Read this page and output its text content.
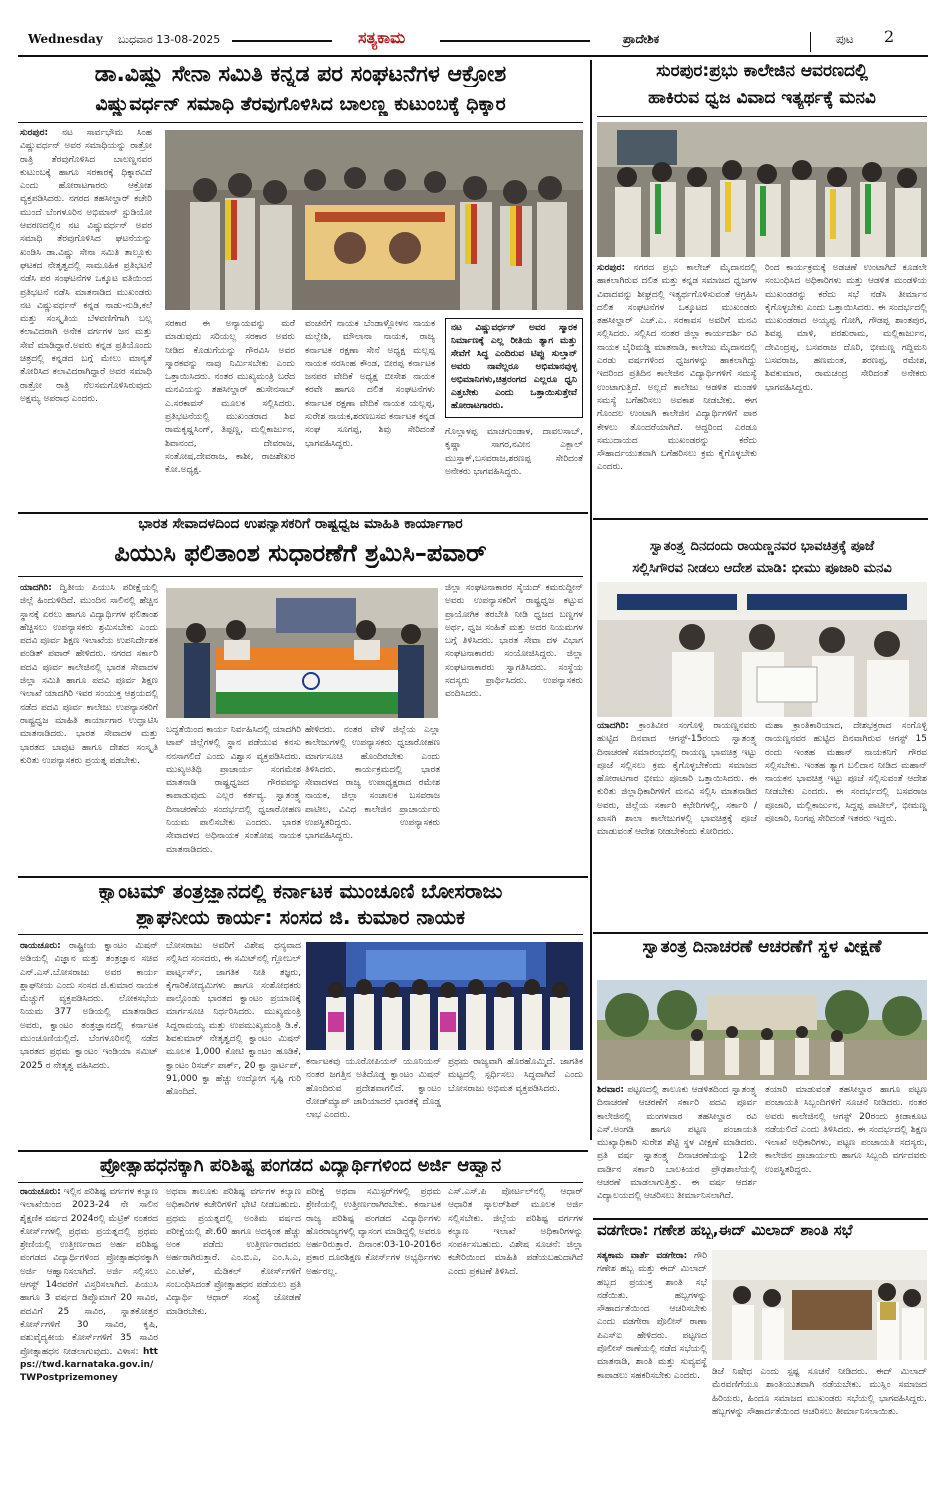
Wednesday ಬುಧವಾರ 13-08-2025	ಸತ್ಯಕಾಮ	ಪ್ರಾದೇಶಿಕ	ಪುಟ 2
ಡಾ.ವಿಷ್ಣು ಸೇನಾ ಸಮಿತಿ ಕನ್ನಡ ಪರ ಸಂಘಟನೆಗಳ ಆಕ್ರೋಶ
ವಿಷ್ಣುವರ್ಧನ್ ಸಮಾಧಿ ತೆರವುಗೊಳಿಸಿದ ಬಾಲಣ್ಣ ಕುಟುಂಬಕ್ಕೆ ಧಿಕ್ಕಾರ
ಸುರಪುರ: ನಟ ಸಾರ್ವಭೌಮ ಸಿಂಹ ವಿಷ್ಣುವರ್ಧನ್ ಅವರ ಸಮಾಧಿಯನ್ನು ರಾತ್ರೋ ರಾತ್ರಿ ತೆರವುಗೊಳಿಸಿದ ಬಾಲಣ್ಣನವರ ಕುಟುಂಬಕ್ಕೆ ಹಾಗೂ ಸರಕಾರಕ್ಕೆ ಧಿಕ್ಕಾರವಿದೆ ಎಂದು ಹೋರಾಟಗಾರರು ಆಕ್ರೋಶ ವ್ಯಕ್ತಪಡಿಸಿದರು. ನಗರದ ತಹಸೀಲ್ದಾರ್ ಕಚೇರಿ ಮುಂದೆ ಬೆಂಗಳೂರಿನ ಅಭಿಮಾನ್ ಸ್ಟುಡಿಯೋ ಆವರಣದಲ್ಲಿನ ನಟ ವಿಷ್ಣುವರ್ಧನ್ ಅವರ ಸಮಾಧಿ ತೆರವುಗೊಳಿಸಿದ ಘಟನೆಯನ್ನು ಖಂಡಿಸಿ ಡಾ.ವಿಷ್ಣು ಸೇನಾ ಸಮಿತಿ ತಾಲ್ಲೂಕು ಘಟಕದ ನೇತೃತ್ವದಲ್ಲಿ ಸಾಮೂಹಿಕ ಪ್ರತಿಭಟನೆ ನಡೆಸಿ ಪರ ಸಂಘಟನೆಗಳ ಒಕ್ಕೂಟ ವತಿಯಿಂದ ಪ್ರತಿಭಟನೆ ನಡೆಸಿ ಮಾತನಾಡಿದ ಮುಖಂಡರು ನಟ ವಿಷ್ಣುವರ್ಧನ್ ಕನ್ನಡ ನಾಡು-ನುಡಿ,ಕಲೆ ಮತ್ತು ಸಂಸ್ಕೃತಿಯ ಬೆಳವಣಿಗೆಗಾಗಿ ಬಲ್ಲ ಕಲಾವಿದರಾಗಿ ಅನೇಕ ವರ್ಗಗಳ ಜನ ಮತ್ತು ಸೇವೆ ಮಾಡಿದ್ದಾರೆ.ಅವರು ಕನ್ನಡ ಪ್ರತಿಯೊಂದು ಚಿತ್ರದಲ್ಲಿ ಕನ್ನಡದ ಬಗ್ಗೆ ಮೇಲು ಮಾನ್ಯತೆ ತೋರಿಸಿದ ಕಲಾವಿದರಾಗಿದ್ದಾರೆ ಅವರ ಸಮಾಧಿ ರಾತ್ರೋ ರಾತ್ರಿ ನೆಲಸಮಗೊಳಿಸಿರುವುದು ಅಕ್ಷಮ್ಯ ಅಪರಾಧ ಎಂದರು.
ಸರಕಾರ ಈ ಅನ್ಯಾಯವನ್ನು ಮರೆ ಮಾಡುವುದು ಸರಿಯಲ್ಲ ಸರಕಾರ ಅವರು ನೀಡಿದ ಕೊಡುಗೆಯನ್ನು ಗೌರವಿಸಿ ಅವರ ಸ್ಮಾರಕವನ್ನು ನಾವು ನಿರ್ಮಿಸಬೇಕು ಎಂದು ಒತ್ತಾಯಿಸಿದರು. ನಂತರ ಮುಖ್ಯಮಂತ್ರಿ ಬರೆದ ಮನವಿಯನ್ನು ತಹಸೀಲ್ದಾರ್ ಹುಸೇನಸಾಬ್ ಎ.ಸರಕಾವಸ್ ಮೂಲಕ ಸಲ್ಲಿಸಿದರು. ಪ್ರತಿಭಟನೆಯಲ್ಲಿ ಮುಖಂಡರಾದ ಶಿವ ರಾಮಕೃಷ್ಣಸಿಂಗ್, ತಿಪ್ಪಣ್ಣ, ಮಲ್ಲಿಕಾರ್ಜುನ, ಶಿವಾನಂದ, ದೇವರಾಜ, ಸಂತೋಷ,ದೇವರಾಜ, ಕಾಶೀ, ರಾಜಶೇಖರ ಕೋ.ಅಧ್ಯಕ್ಷ.
ವಂಚನೆಗೆ ನಾಯಕ ಬೆಂಡಾಳ್ಲೋಳನ ನಾಯಕ ಮಲ್ಲೇಶಿ, ಮೌಲಾನಾ ನಾಯಕ, ರಾಜ್ಯ ಕರ್ನಾಟಕ ರಕ್ಷಣಾ ಸೇನೆ ಅಧ್ಯಕ್ಷ ಮಲ್ಲಪ್ಪ ನಾಯಕ ನರಸಿಂಹ ಕೌಂಡ, ಬೀರಪ್ಪ ಕರ್ನಾಟಕ ಜನಪರ ವೇದಿಕೆ ಅಧ್ಯಕ್ಷ ಬೀಸೇಶ ನಾಯಕ ಕರವೇ ಹಾಗೂ ದಲಿತ ಸಂಘಟನೆಗಳು ಕರ್ನಾಟಕ ರಕ್ಷಣಾ ವೇದಿಕೆ ನಾಯಕ ಯಲ್ಲಪ್ಪ, ಸುರೇಶ ನಾಯಕ,ಶರಣಬಸವ ಕರ್ನಾಟಕ ಕನ್ನಡ ಸಂಘ ಸೂಗಪ್ಪ, ಶಿವು ಸೇರಿದಂತೆ ಭಾಗವಹಿಸಿದ್ದರು.
ನಟ ವಿಷ್ಣುವರ್ಧನ್ ಅವರ ಸ್ಮಾರಕ ನಿರ್ಮಾಣಕ್ಕೆ ಎಲ್ಲ ರೀತಿಯ ತ್ಯಾಗ ಮತ್ತು ಸೇವೆಗೆ ಸಿದ್ಧ ಎಂದಿರುವ ಟಿಪ್ಪು ಸುಲ್ತಾನ್ ಅವರು ನಾವೆಲ್ಲರೂ ಅಭಿಮಾನವುಳ್ಳ ಅಭಿಮಾನಿಗಳು,ಚಿತ್ರರಂಗದ ಎಲ್ಲರೂ ಧ್ವನಿ ಎತ್ತಬೇಕು ಎಂದು ಒತ್ತಾಯಿಸುತ್ತೇವೆ ಹೋರಾಟಗಾರರು.
ಗೊಲ್ಲಾಳಪ್ಪ ಮಾಚಗುಂಡಾಳ, ದಾವಲಸಾಬ್, ಕೃಷ್ಣಾ ಸಾಗರ,ನವೀನ ಎಕ್ಬಾಲ್ ಮುಸ್ತಾಕ್,ಬಸವರಾಜ,ಶರಣಪ್ಪ ಸೇರಿದಂತೆ ಅನೇಕರು ಭಾಗವಹಿಸಿದ್ದರು.
ಸುರಪುರ:ಪ್ರಭು ಕಾಲೇಜಿನ ಆವರಣದಲ್ಲಿ
ಹಾಕಿರುವ ಧ್ವಜ ವಿವಾದ ಇತ್ಯರ್ಥಕ್ಕೆ ಮನವಿ
ಸುರಪುರ: ನಗರದ ಪ್ರಭು ಕಾಲೇಜ್ ಮೈದಾನದಲ್ಲಿ ಹಾಕಲಾಗಿರುವ ದಲಿತ ಮತ್ತು ಕನ್ನಡ ಸಮಾಜದ ಧ್ವಜಗಳ ವಿವಾದವನ್ನು ಶೀಘ್ರದಲ್ಲಿ ಇತ್ಯರ್ಥಗೊಳಿಸುವಂತೆ ಆಗ್ರಹಿಸಿ ದಲಿತ ಸಂಘಟನೆಗಳ ಒಕ್ಕೂಟದ ಮುಖಂಡರು ತಹಸೀಲ್ದಾರ್ ಎಚ್.ಎ. ಸರಕಾವಸ ಅವರಿಗೆ ಮನವಿ ಸಲ್ಲಿಸಿದರು. ಸಲ್ಲಿಸಿದ ನಂತರ ಜಿಲ್ಲಾ ಕಾರ್ಯದರ್ಶಿ ರವಿ ನಾಯಕ ಬೈರಿಮಡ್ಡಿ ಮಾತನಾಡಿ, ಕಾಲೇಜು ಮೈದಾನದಲ್ಲಿ ಎರಡು ವರ್ಷಗಳಿಂದ ಧ್ವಜಗಳನ್ನು ಹಾಕಲಾಗಿದ್ದು ಇದರಿಂದ ಪ್ರತಿದಿನ ಕಾಲೇಜಿನ ವಿದ್ಯಾರ್ಥಿಗಳಿಗೆ ಸಮಸ್ಯೆ ಉಂಟಾಗುತ್ತಿದೆ. ಅಲ್ಲದೆ ಕಾಲೇಜು ಆಡಳಿತ ಮಂಡಳಿ ಸಮಸ್ಯೆ ಬಗೆಹರಿಸಲು ಅವಕಾಶ ನೀಡಬೇಕು. ಈಗ ಗೊಂದಲ ಉಂಟಾಗಿ ಕಾಲೇಜಿನ ವಿದ್ಯಾರ್ಥಿಗಳಿಗೆ ಪಾಠ ಕೇಳಲು ತೊಂದರೆಯಾಗಿದೆ. ಆದ್ದರಿಂದ ಎರಡೂ ಸಮುದಾಯದ ಮುಖಂಡರನ್ನು ಕರೆದು ಸೌಹಾರ್ದಯುತವಾಗಿ ಬಗೆಹರಿಸಲು ಕ್ರಮ ಕೈಗೊಳ್ಳಬೇಕು ಎಂದರು.
ರಿಂದ ಕಾರ್ಯಕ್ರಮಕ್ಕೆ ಅಡಚಣೆ ಉಂಟಾಗಿದೆ ಕೂಡಲೇ ಸಂಬಂಧಿಸಿದ ಅಧಿಕಾರಿಗಳು ಮತ್ತು ಆಡಳಿತ ಮಂಡಳಿಯ ಮುಖಂಡರನ್ನು ಕರೆದು ಸಭೆ ನಡೆಸಿ ತೀರ್ಮಾನ ಕೈಗೊಳ್ಳಬೇಕು ಎಂದು ಒತ್ತಾಯಿಸಿದರು. ಈ ಸಂದರ್ಭದಲ್ಲಿ ಮುಖಂಡರಾದ ಅಯ್ಯಪ್ಪ ಗೋಗಿ, ಗೌಡಪ್ಪ ಶಾಂತಪುರ, ಶಿವಪ್ಪ ಮಾಳಿ, ಪರಶುರಾಮ, ಮಲ್ಲಿಕಾರ್ಜುನ, ದೇವಿಂದ್ರಪ್ಪ, ಬಸವರಾಜ ದೊರಿ, ಭೀಮಣ್ಣ ಗದ್ದಿಮನಿ ಬಸವರಾಜ, ಹಣಮಂತ, ಶರಣಪ್ಪ, ರಮೇಶ, ಶಿವಕುಮಾರ, ರಾಮಚಂದ್ರ ಸೇರಿದಂತೆ ಅನೇಕರು ಭಾಗವಹಿಸಿದ್ದರು.
ಭಾರತ ಸೇವಾದಳದಿಂದ ಉಪನ್ಯಾಸಕರಿಗೆ ರಾಷ್ಟ್ರಧ್ವಜ ಮಾಹಿತಿ ಕಾರ್ಯಾಗಾರ
ಪಿಯುಸಿ ಫಲಿತಾಂಶ ಸುಧಾರಣೆಗೆ ಶ್ರಮಿಸಿ–ಪವಾರ್
ಯಾದಗಿರಿ: ದ್ವಿತೀಯ ಪಿಯುಸಿ ಪರೀಕ್ಷೆಯಲ್ಲಿ ಜಿಲ್ಲೆ ಹಿಂದುಳಿದಿದೆ. ಮುಂದಿನ ಸಾಲಿನಲ್ಲಿ ಹೆಚ್ಚಿನ ಸ್ಥಾನಕ್ಕೆ ಏರಲು ಹಾಗೂ ವಿದ್ಯಾರ್ಥಿಗಳ ಫಲಿತಾಂಶ ಹೆಚ್ಚಿಸಲು ಉಪನ್ಯಾಸಕರು ಶ್ರಮಿಸಬೇಕು ಎಂದು ಪದವಿ ಪೂರ್ವ ಶಿಕ್ಷಣ ಇಲಾಖೆಯ ಉಪನಿರ್ದೇಶಕ ಪಂಡಿತ್ ಪವಾರ್ ಹೇಳಿದರು. ನಗರದ ಸರ್ಕಾರಿ ಪದವಿ ಪೂರ್ವ ಕಾಲೇಜಿನಲ್ಲಿ ಭಾರತ ಸೇವಾದಳ ಜಿಲ್ಲಾ ಸಮಿತಿ ಹಾಗೂ ಪದವಿ ಪೂರ್ವ ಶಿಕ್ಷಣ ಇಲಾಖೆ ಯಾದಗಿರಿ ಇವರ ಸಂಯುಕ್ತ ಆಶ್ರಯದಲ್ಲಿ ನಡೆದ ಪದವಿ ಪೂರ್ವ ಕಾಲೇಜು ಉಪನ್ಯಾಸಕರಿಗೆ ರಾಷ್ಟ್ರಧ್ವಜ ಮಾಹಿತಿ ಕಾರ್ಯಾಗಾರ ಉದ್ಘಾಟಿಸಿ ಮಾತನಾಡಿದರು. ಭಾರತ ಸೇವಾದಳ ಮತ್ತು ಭಾರತದ ಬಾವುಟ ಹಾಗೂ ದೇಶದ ಸಂಸ್ಕೃತಿ ಕುರಿತು ಉಪನ್ಯಾಸಕರು ಪ್ರಯತ್ನ ಪಡಬೇಕು.
ಜಿಲ್ಲಾ ಸಂಘಟನಾಕಾರರ ಸೈಯದ್ ಕಮರುದ್ದೀನ್ ಅವರು ಉಪನ್ಯಾಸಕರಿಗೆ ರಾಷ್ಟ್ರಧ್ವಜ ಕಟ್ಟುವ ಪ್ರಾಯೋಗಿಕ ತರಬೇತಿ ನೀಡಿ ಧ್ವಜದ ಬಣ್ಣಗಳ ಅರ್ಥ, ಧ್ವಜ ಸಂಹಿತೆ ಮತ್ತು ಅದರ ನಿಯಮಗಳ ಬಗ್ಗೆ ತಿಳಿಸಿದರು. ಭಾರತ ಸೇವಾ ದಳ ವಿಭಾಗ ಸಂಘಟನಾಕಾರರು ಸಂಯೋಜಿಸಿದ್ದರು. ಜಿಲ್ಲಾ ಸಂಘಟನಾಕಾರರು ಸ್ವಾಗತಿಸಿದರು. ಸಂಸ್ಥೆಯ ಸದಸ್ಯರು ಪ್ರಾರ್ಥಿಸಿದರು. ಉಪನ್ಯಾಸಕರು ವಂದಿಸಿದರು.
ಬದ್ಧತೆಯಿಂದ ಕಾರ್ಯ ನಿರ್ವಹಿಸಿದಲ್ಲಿ ಯಾದಗಿರಿ ಟಾಪ್ ಜಿಲ್ಲೆಗಳಲ್ಲಿ ಸ್ಥಾನ ಪಡೆಯುವ ಕನಸು ನನಸಾಗಲಿದೆ ಎಂದು ವಿಶ್ವಾಸ ವ್ಯಕ್ತಪಡಿಸಿದರು. ಮುಖ್ಯಅತಿಥಿ ಪ್ರಾಚಾರ್ಯ ಸಂಗಮೇಶ ಮಾತನಾಡಿ ರಾಷ್ಟ್ರಧ್ವಜದ ಗೌರವವನ್ನು ಕಾಪಾಡುವುದು ಎಲ್ಲರ ಕರ್ತವ್ಯ. ಸ್ವಾತಂತ್ರ್ಯ ದಿನಾಚರಣೆಯ ಸಂದರ್ಭದಲ್ಲಿ ಧ್ವಜಾರೋಹಣ ನಿಯಮ ಪಾಲಿಸಬೇಕು ಎಂದರು. ಭಾರತ ಸೇವಾದಳದ ಅಧಿನಾಯಕ ಸಂತೋಷ ನಾಯಕ ಮಾತನಾಡಿದರು.
ಹೇಳಿದರು. ನಂತರ ವೇಳೆ ಜಿಲ್ಲೆಯ ಎಲ್ಲಾ ಕಾಲೇಜುಗಳಲ್ಲಿ ಉಪನ್ಯಾಸಕರು ಧ್ವಜಾರೋಹಣ ಮಾರ್ಗಸೂಚಿ ಹೊಂದಿರಬೇಕು ಎಂದು ತಿಳಿಸಿದರು. ಕಾರ್ಯಕ್ರಮದಲ್ಲಿ ಭಾರತ ಸೇವಾದಳದ ರಾಜ್ಯ ಉಪಾಧ್ಯಕ್ಷರಾದ ರಮೇಶ ನಾಯಕ, ಜಿಲ್ಲಾ ಸಂಚಾಲಕ ಬಸವರಾಜ ಪಾಟೀಲ, ವಿವಿಧ ಕಾಲೇಜಿನ ಪ್ರಾಚಾರ್ಯರು ಉಪಸ್ಥಿತರಿದ್ದರು. ಉಪನ್ಯಾಸಕರು ಭಾಗವಹಿಸಿದ್ದರು.
ಸ್ವಾತಂತ್ರ್ಯ ದಿನದಂದು ರಾಯಣ್ಣನವರ ಭಾವಚಿತ್ರಕ್ಕೆ ಪೂಜೆ
ಸಲ್ಲಿಸಿಗೌರವ ನೀಡಲು ಆದೇಶ ಮಾಡಿ: ಭೀಮು ಪೂಜಾರಿ ಮನವಿ
ಯಾದಗಿರಿ: ಕ್ರಾಂತಿವೀರ ಸಂಗೊಳ್ಳಿ ರಾಯಣ್ಣನವರು ಹುಟ್ಟಿದ ದಿನವಾದ ಆಗಸ್ಟ್-15ರಂದು ಸ್ವಾತಂತ್ರ್ಯ ದಿನಾಚರಣೆ ಸಮಾರಂಭದಲ್ಲಿ ರಾಯಣ್ಣ ಭಾವಚಿತ್ರ ಇಟ್ಟು ಪೂಜೆ ಸಲ್ಲಿಸಲು ಕ್ರಮ ಕೈಗೊಳ್ಳಬೇಕೆಂದು ಸಮಾಜದ ಹೋರಾಟಗಾರ ಭೀಮು ಪೂಜಾರಿ ಒತ್ತಾಯಿಸಿದರು. ಈ ಕುರಿತು ಜಿಲ್ಲಾಧಿಕಾರಿಗಳಿಗೆ ಮನವಿ ಸಲ್ಲಿಸಿ ಮಾತನಾಡಿದ ಅವರು, ಜಿಲ್ಲೆಯ ಸರ್ಕಾರಿ ಕಛೇರಿಗಳಲ್ಲಿ, ಸರ್ಕಾರಿ / ಖಾಸಗಿ ಶಾಲಾ ಕಾಲೇಜುಗಳಲ್ಲಿ ಭಾವಚಿತ್ರಕ್ಕೆ ಪೂಜೆ ಮಾಡುವಂತೆ ಆದೇಶ ನೀಡಬೇಕೆಂದು ಕೋರಿದರು.
ಮಹಾ ಕ್ರಾಂತಿಕಾರಿಯಾದ, ದೇಶಭಕ್ತರಾದ ಸಂಗೊಳ್ಳಿ ರಾಯಣ್ಣನವರ ಹುಟ್ಟಿದ ದಿನವಾಗಿರುವ ಆಗಸ್ಟ್ 15 ರಂದು ಇಂತಹ ಮಹಾನ್ ನಾಯಕನಿಗೆ ಗೌರವ ಸಲ್ಲಿಸಬೇಕು. ಇಂತಹ ತ್ಯಾಗ ಬಲಿದಾನ ನೀಡಿದ ಮಹಾನ್ ನಾಯಕನ ಭಾವಚಿತ್ರ ಇಟ್ಟು ಪೂಜೆ ಸಲ್ಲಿಸುವಂತೆ ಆದೇಶ ನೀಡಬೇಕು ಎಂದರು. ಈ ಸಂದರ್ಭದಲ್ಲಿ ಬಸವರಾಜ ಪೂಜಾರಿ, ಮಲ್ಲಿಕಾರ್ಜುನ, ಸಿದ್ದಪ್ಪ ಪಾಟೀಲ್, ಭೀಮಣ್ಣ ಪೂಜಾರಿ, ನಿಂಗಪ್ಪ ಸೇರಿದಂತೆ ಇತರರು ಇದ್ದರು.
ಕ್ವಾಂಟಮ್ ತಂತ್ರಜ್ಞಾನದಲ್ಲಿ ಕರ್ನಾಟಕ ಮುಂಚೂಣಿ ಬೋಸರಾಜು
ಶ್ಲಾಘನೀಯ ಕಾರ್ಯ: ಸಂಸದ ಜಿ. ಕುಮಾರ ನಾಯಕ
ರಾಯಚೂರು: ರಾಷ್ಟ್ರೀಯ ಕ್ವಾಂಟಂ ಮಿಷನ್ ಅಡಿಯಲ್ಲಿ ವಿಜ್ಞಾನ ಮತ್ತು ತಂತ್ರಜ್ಞಾನ ಸಚಿವ ಎನ್.ಎಸ್.ಬೋಸರಾಜು ಅವರ ಕಾರ್ಯ ಶ್ಲಾಘನೀಯ ಎಂದು ಸಂಸದ ಜಿ.ಕುಮಾರ ನಾಯಕ ಮೆಚ್ಚುಗೆ ವ್ಯಕ್ತಪಡಿಸಿದರು. ಲೋಕಸಭೆಯ ನಿಯಮ 377 ಅಡಿಯಲ್ಲಿ ಮಾತನಾಡಿದ ಅವರು, ಕ್ವಾಂಟಂ ತಂತ್ರಜ್ಞಾನದಲ್ಲಿ ಕರ್ನಾಟಕ ಮುಂಚೂಣಿಯಲ್ಲಿದೆ. ಬೆಂಗಳೂರಿನಲ್ಲಿ ನಡೆದ ಭಾರತದ ಪ್ರಥಮ ಕ್ವಾಂಟಂ ಇಂಡಿಯಾ ಸಮಿಟ್ 2025 ರ ನೇತೃತ್ವ ವಹಿಸಿದರು.
ಬೋಸರಾಜು ಅವರಿಗೆ ವಿಶೇಷ ಧನ್ಯವಾದ ಸಲ್ಲಿಸಿದ ಸಂಸದರು, ಈ ಸಮಿಟ್‌ನಲ್ಲಿ ಗ್ಲೋಬಲ್ ಪಾರ್ಟ್ನರ್ಸ್, ಜಾಗತಿಕ ನೀತಿ ತಜ್ಞರು, ಕೈಗಾರಿಕೋದ್ಯಮಿಗಳು ಹಾಗೂ ಸಂಶೋಧಕರು ಪಾಲ್ಗೊಂಡು ಭಾರತದ ಕ್ವಾಂಟಂ ಪ್ರಯಾಣಕ್ಕೆ ಮಾರ್ಗಸೂಚಿ ನಿರ್ಧರಿಸಿದರು. ಮುಖ್ಯಮಂತ್ರಿ ಸಿದ್ದರಾಮಯ್ಯ ಮತ್ತು ಉಪಮುಖ್ಯಮಂತ್ರಿ ಡಿ.ಕೆ. ಶಿವಕುಮಾರ್ ನೇತೃತ್ವದಲ್ಲಿ ಕ್ವಾಂಟಂ ಮಿಷನ್ ಮೂಲಕ 1,000 ಕೋಟಿ ಕ್ವಾಂಟಂ ಹೂಡಿಕೆ, ಕ್ವಾಂಟಂ ರಿಸರ್ಚ್ ಪಾರ್ಕ್, 20 ಕ್ವಾ ಸ್ಟಾರ್ಟಪ್, 91,000 ಕ್ವಾ ಹೆಚ್ಚು ಉದ್ಯೋಗ ಸೃಷ್ಟಿ ಗುರಿ ಹೊಂದಿದೆ.
ಕರ್ನಾಟಕವು ಯೂರೋಪಿಯನ್ ಯೂನಿಯನ್ ನಂತರ ಜಗತ್ತಿನ ಅತಿದೊಡ್ಡ ಕ್ವಾಂಟಂ ಮಿಷನ್ ಹೊಂದಿರುವ ಪ್ರದೇಶವಾಗಲಿದೆ. ಕ್ವಾಂಟಂ ರೋಡ್‌ಮ್ಯಾಪ್ ಜಾರಿಯಾದರೆ ಭಾರತಕ್ಕೆ ದೊಡ್ಡ ಲಾಭ ಎಂದರು.
ಪ್ರಥಮ ರಾಜ್ಯವಾಗಿ ಹೊರಹೊಮ್ಮಿದೆ. ಜಾಗತಿಕ ಮಟ್ಟದಲ್ಲಿ ಸ್ಪರ್ಧಿಸಲು ಸಿದ್ಧವಾಗಿದೆ ಎಂದು ಬೋಸರಾಜು ಅಭಿಮತ ವ್ಯಕ್ತಪಡಿಸಿದರು.
ಸ್ವಾತಂತ್ರ ದಿನಾಚರಣೆ ಆಚರಣೆಗೆ ಸ್ಥಳ ವೀಕ್ಷಣೆ
ಶಿರವಾರ: ಪಟ್ಟಣದಲ್ಲಿ ತಾಲೂಕು ಆಡಳಿತದಿಂದ ಸ್ವಾತಂತ್ರ್ಯ ದಿನಾಚರಣೆ ಆಚರಣೆಗೆ ಸರ್ಕಾರಿ ಪದವಿ ಪೂರ್ವ ಕಾಲೇಜಿನಲ್ಲಿ ಮಂಗಳವಾರ ತಹಸೀಲ್ದಾರ ರವಿ ಎಸ್.ಅಂಗಡಿ ಹಾಗೂ ಪಟ್ಟಣ ಪಂಚಾಯತಿ ಮುಖ್ಯಾಧಿಕಾರಿ ಸುರೇಶ ಶೆಟ್ಟಿ ಸ್ಥಳ ವೀಕ್ಷಣೆ ಮಾಡಿದರು. ಪ್ರತಿ ವರ್ಷ ಸ್ವಾತಂತ್ರ್ಯ ದಿನಾಚರಣೆಯನ್ನು 12ನೇ ವಾರ್ಡಿನ ಸರ್ಕಾರಿ ಬಾಲಕಿಯರ ಪ್ರೌಢಶಾಲೆಯಲ್ಲಿ ಆಚರಣೆ ಮಾಡಲಾಗುತ್ತಿತ್ತು. ಈ ವರ್ಷ ಆದರ್ಶ ವಿದ್ಯಾಲಯದಲ್ಲಿ ಆಚರಿಸಲು ತೀರ್ಮಾನಿಸಲಾಗಿದೆ.
ತಯಾರಿ ಮಾಡುವಂತೆ ತಹಸೀಲ್ದಾರ ಹಾಗೂ ಪಟ್ಟಣ ಪಂಚಾಯತಿ ಸಿಬ್ಬಂದಿಗಳಿಗೆ ಸೂಚನೆ ನೀಡಿದರು. ನಂತರ ಅವರು ಕಾಲೇಜಿನಲ್ಲಿ ಆಗಸ್ಟ್ 20ರಂದು ಕ್ರೀಡಾಕೂಟ ನಡೆಯಲಿದೆ ಎಂದು ತಿಳಿಸಿದರು. ಈ ಸಂದರ್ಭದಲ್ಲಿ ಶಿಕ್ಷಣ ಇಲಾಖೆ ಅಧಿಕಾರಿಗಳು, ಪಟ್ಟಣ ಪಂಚಾಯತಿ ಸದಸ್ಯರು, ಕಾಲೇಜಿನ ಪ್ರಾಚಾರ್ಯರು ಹಾಗೂ ಸಿಬ್ಬಂದಿ ವರ್ಗದವರು ಉಪಸ್ಥಿತರಿದ್ದರು.
ಪ್ರೋತ್ಸಾಹಧನಕ್ಕಾಗಿ ಪರಿಶಿಷ್ಟ ಪಂಗಡದ ವಿದ್ಯಾರ್ಥಿಗಳಿಂದ ಅರ್ಜಿ ಆಹ್ವಾನ
ರಾಯಚೂರು: ಇಲ್ಲಿನ ಪರಿಶಿಷ್ಟ ವರ್ಗಗಳ ಕಲ್ಯಾಣ ಇಲಾಖೆಯಿಂದ 2023-24 ನೇ ಸಾಲಿನ ಶೈಕ್ಷಣಿಕ ವರ್ಷದ 2024ರಲ್ಲಿ ಮೆಟ್ರಿಕ್ ನಂತರದ ಕೋರ್ಸ್‌ಗಳಲ್ಲಿ ಪ್ರಥಮ ಪ್ರಯತ್ನದಲ್ಲಿ ಪ್ರಥಮ ಶ್ರೇಣಿಯಲ್ಲಿ ಉತ್ತೀರ್ಣರಾದ ಅರ್ಹ ಪರಿಶಿಷ್ಟ ಪಂಗಡದ ವಿದ್ಯಾರ್ಥಿಗಳಿಂದ ಪ್ರೋತ್ಸಾಹಧನಕ್ಕಾಗಿ ಅರ್ಜಿ ಆಹ್ವಾನಿಸಲಾಗಿದೆ. ಅರ್ಜಿ ಸಲ್ಲಿಸಲು ಆಗಸ್ಟ್ 14ರವರೆಗೆ ವಿಸ್ತರಿಸಲಾಗಿದೆ. ಪಿಯುಸಿ ಹಾಗೂ 3 ವರ್ಷದ ಡಿಪ್ಲೊಮಾಗೆ 20 ಸಾವಿರ, ಪದವಿಗೆ 25 ಸಾವಿರ, ಸ್ನಾತಕೋತ್ತರ ಕೋರ್ಸ್‌ಗಳಿಗೆ 30 ಸಾವಿರ, ಕೃಷಿ, ಪಶುವೈದ್ಯಕೀಯ ಕೋರ್ಸ್‌ಗಳಿಗೆ 35 ಸಾವಿರ ಪ್ರೋತ್ಸಾಹಧನ ನೀಡಲಾಗುವುದು. ವಿಳಾಸ: https://twd.karnataka.gov.in/TWPostprizemoney
ಅಥವಾ ತಾಲೂಕು ಪರಿಶಿಷ್ಟ ವರ್ಗಗಳ ಕಲ್ಯಾಣ ಅಧಿಕಾರಿಗಳ ಕಚೇರಿಗಳಿಗೆ ಭೇಟಿ ನೀಡಬಹುದು. ಪ್ರಥಮ ಪ್ರಯತ್ನದಲ್ಲಿ ಅಂತಿಮ ವರ್ಷದ ಪರೀಕ್ಷೆಯಲ್ಲಿ ಶೇ.60 ಹಾಗೂ ಅದಕ್ಕಿಂತ ಹೆಚ್ಚು ಅಂಕ ಪಡೆದು ಉತ್ತೀರ್ಣರಾದವರು ಅರ್ಹರಾಗಿರುತ್ತಾರೆ. ಎಂ.ಬಿ.ಎ, ಎಂ.ಸಿ.ಎ, ಎಂ.ಟೆಕ್, ಮೆಡಿಕಲ್ ಕೋರ್ಸ್‌ಗಳಿಗೆ ಸಂಬಂಧಿಸಿದಂತೆ ಪ್ರೋತ್ಸಾಹಧನ ಪಡೆಯಲು ಪ್ರತಿ ವಿದ್ಯಾರ್ಥಿ ಆಧಾರ್ ಸಂಖ್ಯೆ ಜೋಡಣೆ ಮಾಡಿರಬೇಕು.
ಪರೀಕ್ಷೆ ಅಥವಾ ಸಮಿಸ್ಟರ್‌ಗಳಲ್ಲಿ ಪ್ರಥಮ ಶ್ರೇಣಿಯಲ್ಲಿ ಉತ್ತೀರ್ಣರಾಗಿರಬೇಕು. ಕರ್ನಾಟಕ ರಾಜ್ಯ ಪರಿಶಿಷ್ಟ ಪಂಗಡದ ವಿದ್ಯಾರ್ಥಿಗಳು ಹೊರರಾಜ್ಯಗಳಲ್ಲಿ ವ್ಯಾಸಂಗ ಮಾಡಿದ್ದಲ್ಲಿ ಅವರೂ ಅರ್ಹರಿರುತ್ತಾರೆ. ದಿನಾಂಕ:03-10-2016ರ ಪ್ರಕಾರ ದೂರಶಿಕ್ಷಣ ಕೋರ್ಸ್‌ಗಳ ಅಭ್ಯರ್ಥಿಗಳು ಅರ್ಹರಲ್ಲ.
ಎಸ್.ಎಸ್.ಪಿ ಪೋರ್ಟಲ್‌ನಲ್ಲಿ ಆಧಾರ್ ಆಧಾರಿತ ಸ್ಕಾಲರ್‌ಶಿಪ್ ಮೂಲಕ ಅರ್ಜಿ ಸಲ್ಲಿಸಬೇಕು. ಜಿಲ್ಲೆಯ ಪರಿಶಿಷ್ಟ ವರ್ಗಗಳ ಕಲ್ಯಾಣ ಇಲಾಖೆ ಅಧಿಕಾರಿಗಳನ್ನು ಸಂಪರ್ಕಿಸಬಹುದು. ವಿಶೇಷ ಸೂಚನೆ: ಜಿಲ್ಲಾ ಕಚೇರಿಯಿಂದ ಮಾಹಿತಿ ಪಡೆಯಬಹುದಾಗಿದೆ ಎಂದು ಪ್ರಕಟಣೆ ತಿಳಿಸಿದೆ.
ವಡಗೇರಾ: ಗಣೇಶ ಹಬ್ಬ,ಈದ್ ಮಿಲಾದ್ ಶಾಂತಿ ಸಭೆ
ಸತ್ಯಕಾಮ ವಾರ್ತೆ ವಡಗೇರಾ: ಗೌರಿ ಗಣೇಶ ಹಬ್ಬ ಮತ್ತು ಈದ್ ಮಿಲಾದ್ ಹಬ್ಬದ ಪ್ರಯುಕ್ತ ಶಾಂತಿ ಸಭೆ ನಡೆಯಿತು. ಹಬ್ಬಗಳನ್ನು ಸೌಹಾರ್ದತೆಯಿಂದ ಆಚರಿಸಬೇಕು ಎಂದು ವಡಗೇರಾ ಪೊಲೀಸ್ ಠಾಣಾ ಪಿಎಸ್‌ಐ ಹೇಳಿದರು. ಪಟ್ಟಣದ ಪೊಲೀಸ್ ಠಾಣೆಯಲ್ಲಿ ನಡೆದ ಸಭೆಯಲ್ಲಿ ಮಾತನಾಡಿ, ಶಾಂತಿ ಮತ್ತು ಸುವ್ಯವಸ್ಥೆ ಕಾಪಾಡಲು ಸಹಕರಿಸಬೇಕು ಎಂದರು.	ಡಿಜೆ ನಿಷೇಧ ಎಂದು ಸ್ಪಷ್ಟ ಸೂಚನೆ ನೀಡಿದರು. ಈದ್ ಮಿಲಾದ್ ಮೆರವಣಿಗೆಯೂ ಶಾಂತಿಯುತವಾಗಿ ನಡೆಯಬೇಕು. ಮುಸ್ಲಿಂ ಸಮಾಜದ ಹಿರಿಯರು, ಹಿಂದೂ ಸಮಾಜದ ಮುಖಂಡರು ಸಭೆಯಲ್ಲಿ ಭಾಗವಹಿಸಿದ್ದರು. ಹಬ್ಬಗಳನ್ನು ಸೌಹಾರ್ದತೆಯಿಂದ ಆಚರಿಸಲು ತೀರ್ಮಾನಿಸಲಾಯಿತು.
